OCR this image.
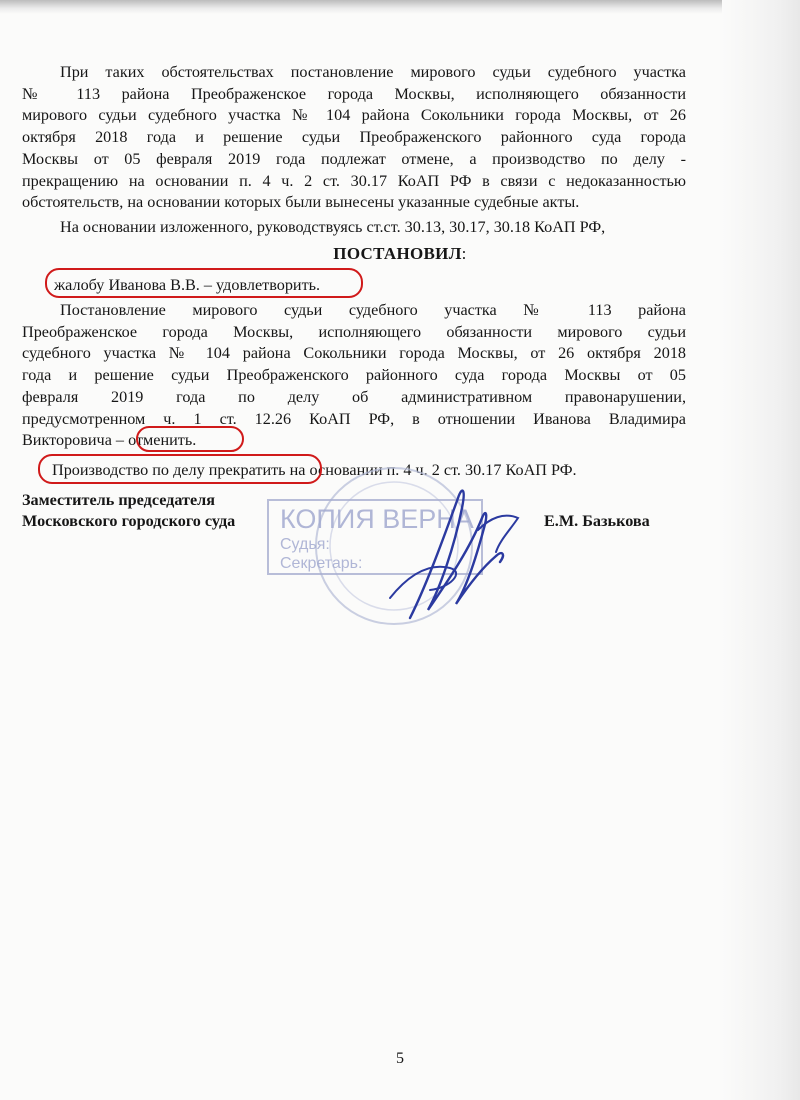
При таких обстоятельствах постановление мирового судьи судебного участка
№ 113 района Преображенское города Москвы, исполняющего обязанности
мирового судьи судебного участка № 104 района Сокольники города Москвы, от 26
октября 2018 года и решение судьи Преображенского районного суда города
Москвы от 05 февраля 2019 года подлежат отмене, а производство по делу -
прекращению на основании п. 4 ч. 2 ст. 30.17 КоАП РФ в связи с недоказанностью
обстоятельств, на основании которых были вынесены указанные судебные акты.
На основании изложенного, руководствуясь ст.ст. 30.13, 30.17, 30.18 КоАП РФ,
ПОСТАНОВИЛ:
жалобу Иванова В.В. – удовлетворить.
Постановление мирового судьи судебного участка № 113 района
Преображенское города Москвы, исполняющего обязанности мирового судьи
судебного участка № 104 района Сокольники города Москвы, от 26 октября 2018
года и решение судьи Преображенского районного суда города Москвы от 05
февраля 2019 года по делу об административном правонарушении,
предусмотренном ч. 1 ст. 12.26 КоАП РФ, в отношении Иванова Владимира
Викторовича – отменить.
Производство по делу прекратить на основании п. 4 ч. 2 ст. 30.17 КоАП РФ.
КОПИЯ ВЕРНА
Судья:
Секретарь:
Заместитель председателя
Московского городского суда	Е.М. Базькова
5
